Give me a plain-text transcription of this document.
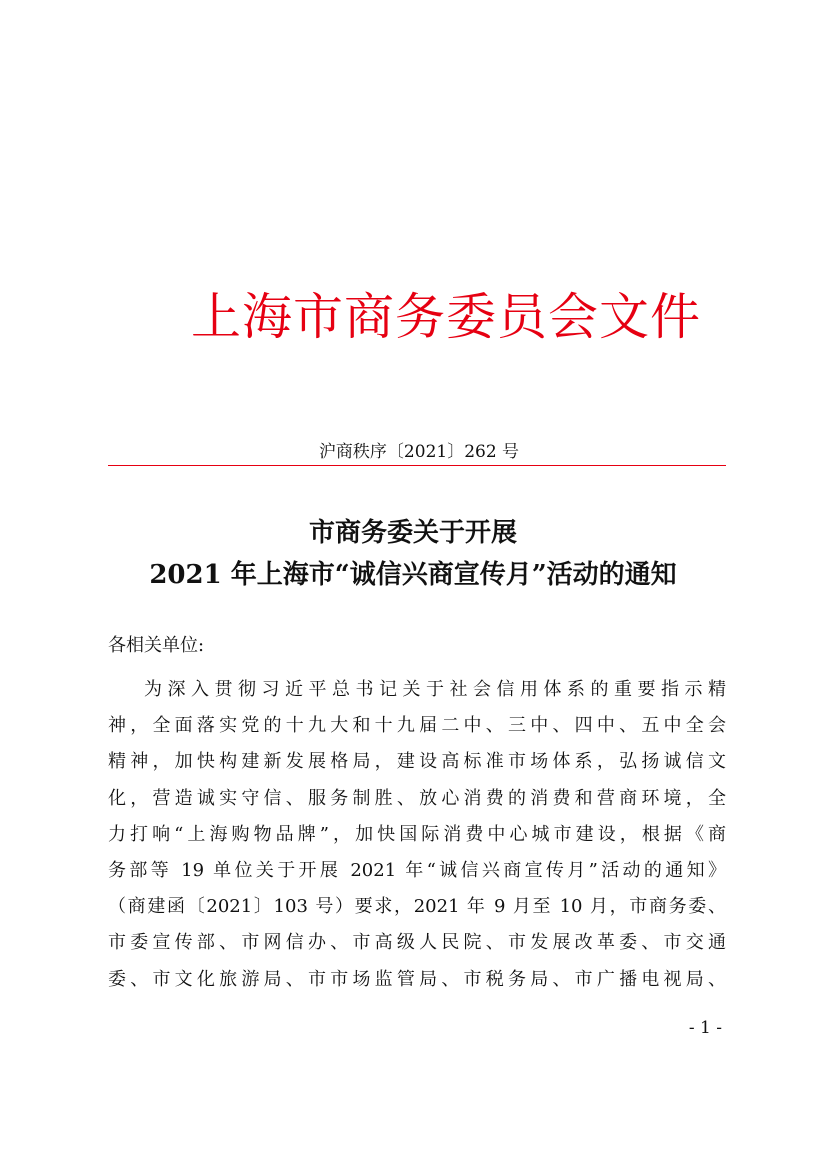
上海市商务委员会文件
沪商秩序〔2021〕262 号
市商务委关于开展
2021 年上海市“诚信兴商宣传月”活动的通知
各相关单位:
为深入贯彻习近平总书记关于社会信用体系的重要指示精
神，全面落实党的十九大和十九届二中、三中、四中、五中全会
精神，加快构建新发展格局，建设高标准市场体系，弘扬诚信文
化，营造诚实守信、服务制胜、放心消费的消费和营商环境，全
力打响“上海购物品牌”，加快国际消费中心城市建设，根据《商
务部等 19 单位关于开展 2021 年“诚信兴商宣传月”活动的通知》
（商建函〔2021〕103 号）要求，2021 年 9 月至 10 月，市商务委、
市委宣传部、市网信办、市高级人民院、市发展改革委、市交通
委、市文化旅游局、市市场监管局、市税务局、市广播电视局、
- 1 -
